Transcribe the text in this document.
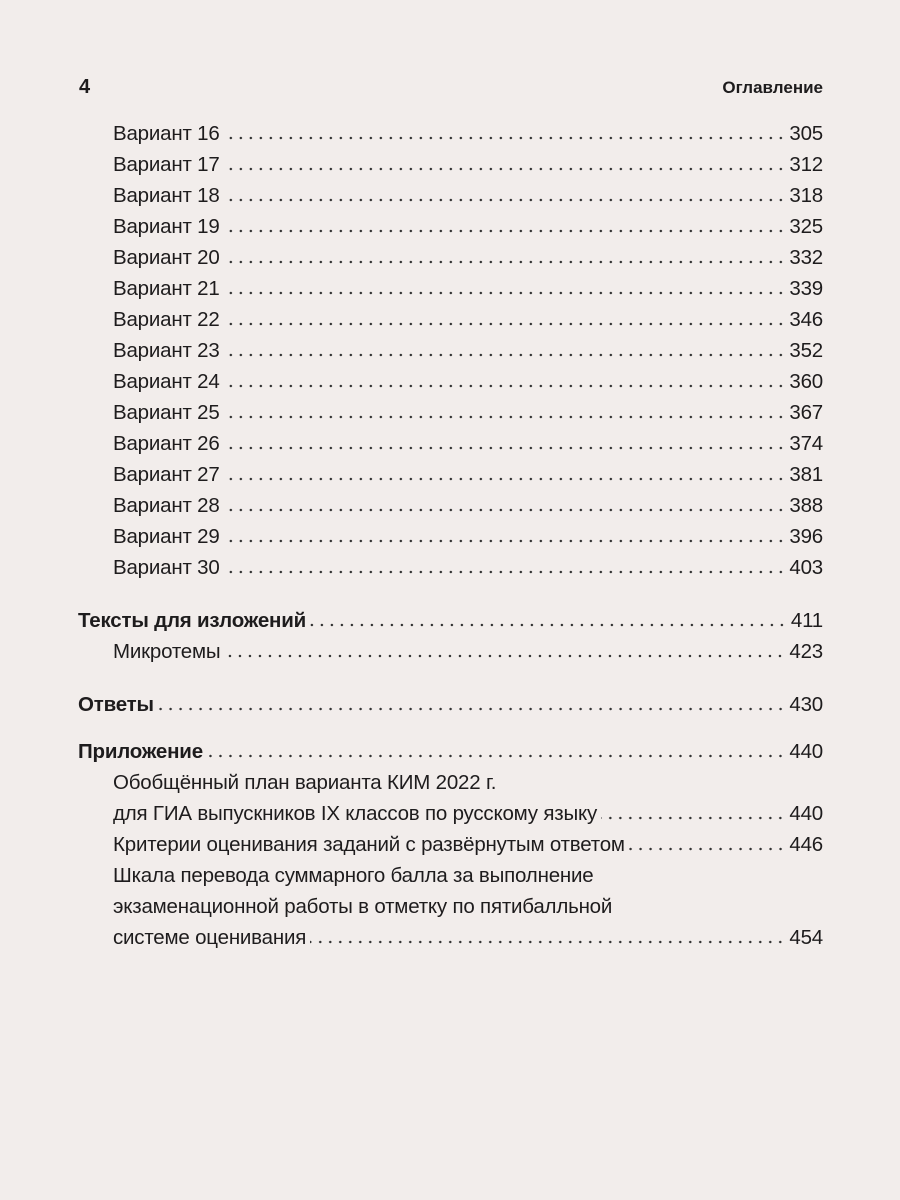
4	Оглавление
Вариант 16	305
Вариант 17	312
Вариант 18	318
Вариант 19	325
Вариант 20	332
Вариант 21	339
Вариант 22	346
Вариант 23	352
Вариант 24	360
Вариант 25	367
Вариант 26	374
Вариант 27	381
Вариант 28	388
Вариант 29	396
Вариант 30	403
Тексты для изложений	411
Микротемы	423
Ответы	430
Приложение	440
Обобщённый план варианта КИМ 2022 г.
для ГИА выпускников IX классов по русскому языку	440
Критерии оценивания заданий с развёрнутым ответом	446
Шкала перевода суммарного балла за выполнение
экзаменационной работы в отметку по пятибалльной
системе оценивания	454
